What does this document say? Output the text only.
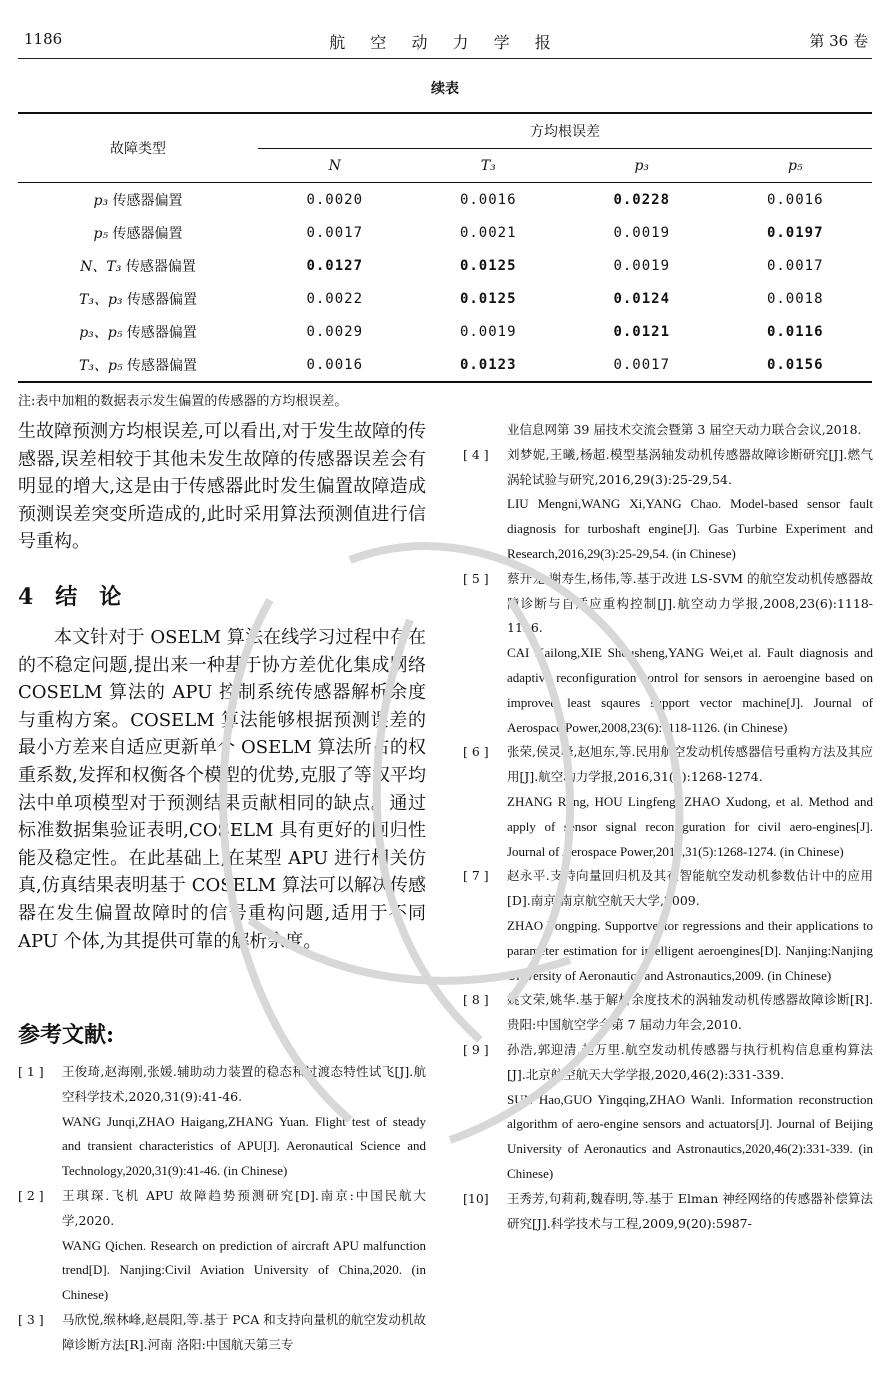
1186	航 空 动 力 学 报	第 36 卷
续表
故障类型	方均根误差			
	N	T₃	p₃	p₅
p₃ 传感器偏置	0.0020	0.0016	0.0228	0.0016
p₅ 传感器偏置	0.0017	0.0021	0.0019	0.0197
N、T₃ 传感器偏置	0.0127	0.0125	0.0019	0.0017
T₃、p₃ 传感器偏置	0.0022	0.0125	0.0124	0.0018
p₃、p₅ 传感器偏置	0.0029	0.0019	0.0121	0.0116
T₃、p₅ 传感器偏置	0.0016	0.0123	0.0017	0.0156
注:表中加粗的数据表示发生偏置的传感器的方均根误差。

生故障预测方均根误差,可以看出,对于发生故障的传感器,误差相较于其他未发生故障的传感器误差会有明显的增大,这是由于传感器此时发生偏置故障造成预测误差突变所造成的,此时采用算法预测值进行信号重构。

4　结　论

本文针对于 OSELM 算法在线学习过程中存在的不稳定问题,提出来一种基于协方差优化集成网络 COSELM 算法的 APU 控制系统传感器解析余度与重构方案。COSELM 算法能够根据预测误差的最小方差来自适应更新单个 OSELM 算法所占的权重系数,发挥和权衡各个模型的优势,克服了等权平均法中单项模型对于预测结果贡献相同的缺点。通过标准数据集验证表明,COSELM 具有更好的回归性能及稳定性。在此基础上,在某型 APU 进行相关仿真,仿真结果表明基于 COSELM 算法可以解决传感器在发生偏置故障时的信号重构问题,适用于不同 APU 个体,为其提供可靠的解析余度。

参考文献:
[ 1 ] 王俊琦,赵海刚,张媛.辅助动力装置的稳态和过渡态特性试飞[J].航空科学技术,2020,31(9):41-46.
WANG Junqi,ZHAO Haigang,ZHANG Yuan. Flight test of steady and transient characteristics of APU[J]. Aeronautical Science and Technology,2020,31(9):41-46. (in Chinese)
[ 2 ] 王琪琛.飞机 APU 故障趋势预测研究[D].南京:中国民航大学,2020.
WANG Qichen. Research on prediction of aircraft APU malfunction trend[D]. Nanjing:Civil Aviation University of China,2020. (in Chinese)
[ 3 ] 马欣悦,缑林峰,赵晨阳,等.基于 PCA 和支持向量机的航空发动机故障诊断方法[R].河南 洛阳:中国航天第三专
业信息网第 39 届技术交流会暨第 3 届空天动力联合会议,2018.
[ 4 ] 刘梦妮,王曦,杨超.模型基涡轴发动机传感器故障诊断研究[J].燃气涡轮试验与研究,2016,29(3):25-29,54.
LIU Mengni,WANG Xi,YANG Chao. Model-based sensor fault diagnosis for turboshaft engine[J]. Gas Turbine Experiment and Research,2016,29(3):25-29,54. (in Chinese)
[ 5 ] 蔡开龙,谢寿生,杨伟,等.基于改进 LS-SVM 的航空发动机传感器故障诊断与自适应重构控制[J].航空动力学报,2008,23(6):1118-1126.
CAI Kailong,XIE Shousheng,YANG Wei,et al. Fault diagnosis and adaptive reconfiguration control for sensors in aeroengine based on improved least sqaures support vector machine[J]. Journal of Aerospace Power,2008,23(6):1118-1126. (in Chinese)
[ 6 ] 张荣,侯灵峰,赵旭东,等.民用航空发动机传感器信号重构方法及其应用[J].航空动力学报,2016,31(5):1268-1274.
ZHANG Rong, HOU Lingfeng, ZHAO Xudong, et al. Method and apply of sensor signal reconfiguration for civil aero-engines[J]. Journal of Aerospace Power,2016,31(5):1268-1274. (in Chinese)
[ 7 ] 赵永平.支持向量回归机及其在智能航空发动机参数估计中的应用[D].南京:南京航空航天大学,2009.
ZHAO Yongping. Supportvector regressions and their applications to parameter estimation for intelligent aeroengines[D]. Nanjing:Nanjing University of Aeronautics and Astronautics,2009. (in Chinese)
[ 8 ] 姚文荣,姚华.基于解析余度技术的涡轴发动机传感器故障诊断[R].贵阳:中国航空学会第 7 届动力年会,2010.
[ 9 ] 孙浩,郭迎清,赵万里.航空发动机传感器与执行机构信息重构算法[J].北京航空航天大学学报,2020,46(2):331-339.
SUN Hao,GUO Yingqing,ZHAO Wanli. Information reconstruction algorithm of aero-engine sensors and actuators[J]. Journal of Beijing University of Aeronautics and Astronautics,2020,46(2):331-339. (in Chinese)
[10] 王秀芳,句莉莉,魏春明,等.基于 Elman 神经网络的传感器补偿算法研究[J].科学技术与工程,2009,9(20):5987-
